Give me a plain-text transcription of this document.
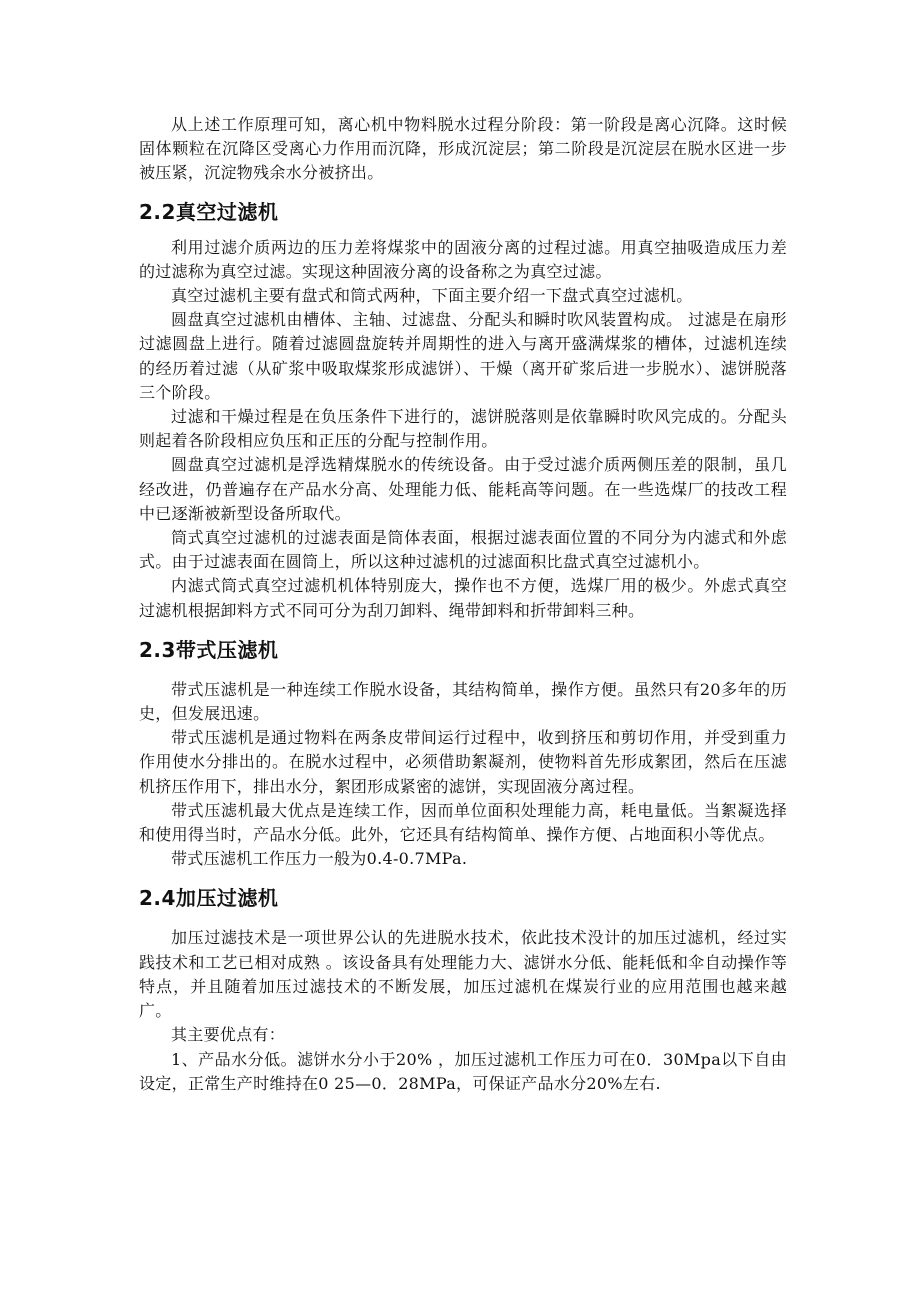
从上述工作原理可知，离心机中物料脱水过程分阶段：第一阶段是离心沉降。这时候固体颗粒在沉降区受离心力作用而沉降，形成沉淀层；第二阶段是沉淀层在脱水区进一步被压紧，沉淀物残余水分被挤出。

2.2真空过滤机

利用过滤介质两边的压力差将煤浆中的固液分离的过程过滤。用真空抽吸造成压力差的过滤称为真空过滤。实现这种固液分离的设备称之为真空过滤。

真空过滤机主要有盘式和筒式两种，下面主要介绍一下盘式真空过滤机。

圆盘真空过滤机由槽体、主轴、过滤盘、分配头和瞬时吹风装置构成。 过滤是在扇形过滤圆盘上进行。随着过滤圆盘旋转并周期性的进入与离开盛满煤浆的槽体，过滤机连续的经历着过滤（从矿浆中吸取煤浆形成滤饼）、干燥（离开矿浆后进一步脱水）、滤饼脱落三个阶段。

过滤和干燥过程是在负压条件下进行的，滤饼脱落则是依靠瞬时吹风完成的。分配头则起着各阶段相应负压和正压的分配与控制作用。

圆盘真空过滤机是浮选精煤脱水的传统设备。由于受过滤介质两侧压差的限制，虽几经改进，仍普遍存在产品水分高、处理能力低、能耗高等问题。在一些选煤厂的技改工程中已逐渐被新型设备所取代。

筒式真空过滤机的过滤表面是筒体表面，根据过滤表面位置的不同分为内滤式和外虑式。由于过滤表面在圆筒上，所以这种过滤机的过滤面积比盘式真空过滤机小。

内滤式筒式真空过滤机机体特别庞大，操作也不方便，选煤厂用的极少。外虑式真空过滤机根据卸料方式不同可分为刮刀卸料、绳带卸料和折带卸料三种。

2.3带式压滤机

带式压滤机是一种连续工作脱水设备，其结构简单，操作方便。虽然只有20多年的历史，但发展迅速。

带式压滤机是通过物料在两条皮带间运行过程中，收到挤压和剪切作用，并受到重力作用使水分排出的。在脱水过程中，必须借助絮凝剂，使物料首先形成絮团，然后在压滤机挤压作用下，排出水分，絮团形成紧密的滤饼，实现固液分离过程。

带式压滤机最大优点是连续工作，因而单位面积处理能力高，耗电量低。当絮凝选择和使用得当时，产品水分低。此外，它还具有结构简单、操作方便、占地面积小等优点。

带式压滤机工作压力一般为0.4-0.7MPa.

2.4加压过滤机

加压过滤技术是一项世界公认的先进脱水技术，依此技术没计的加压过滤机，经过实践技术和工艺已相对成熟 。该设备具有处理能力大、滤饼水分低、能耗低和伞自动操作等特点，并且随着加压过滤技术的不断发展，加压过滤机在煤炭行业的应用范围也越来越广。

其主要优点有：

1、产品水分低。滤饼水分小于20% ，加压过滤机工作压力可在0．30Mpa以下自由设定，正常生产时维持在0 25—0．28MPa，可保证产品水分20%左右.
